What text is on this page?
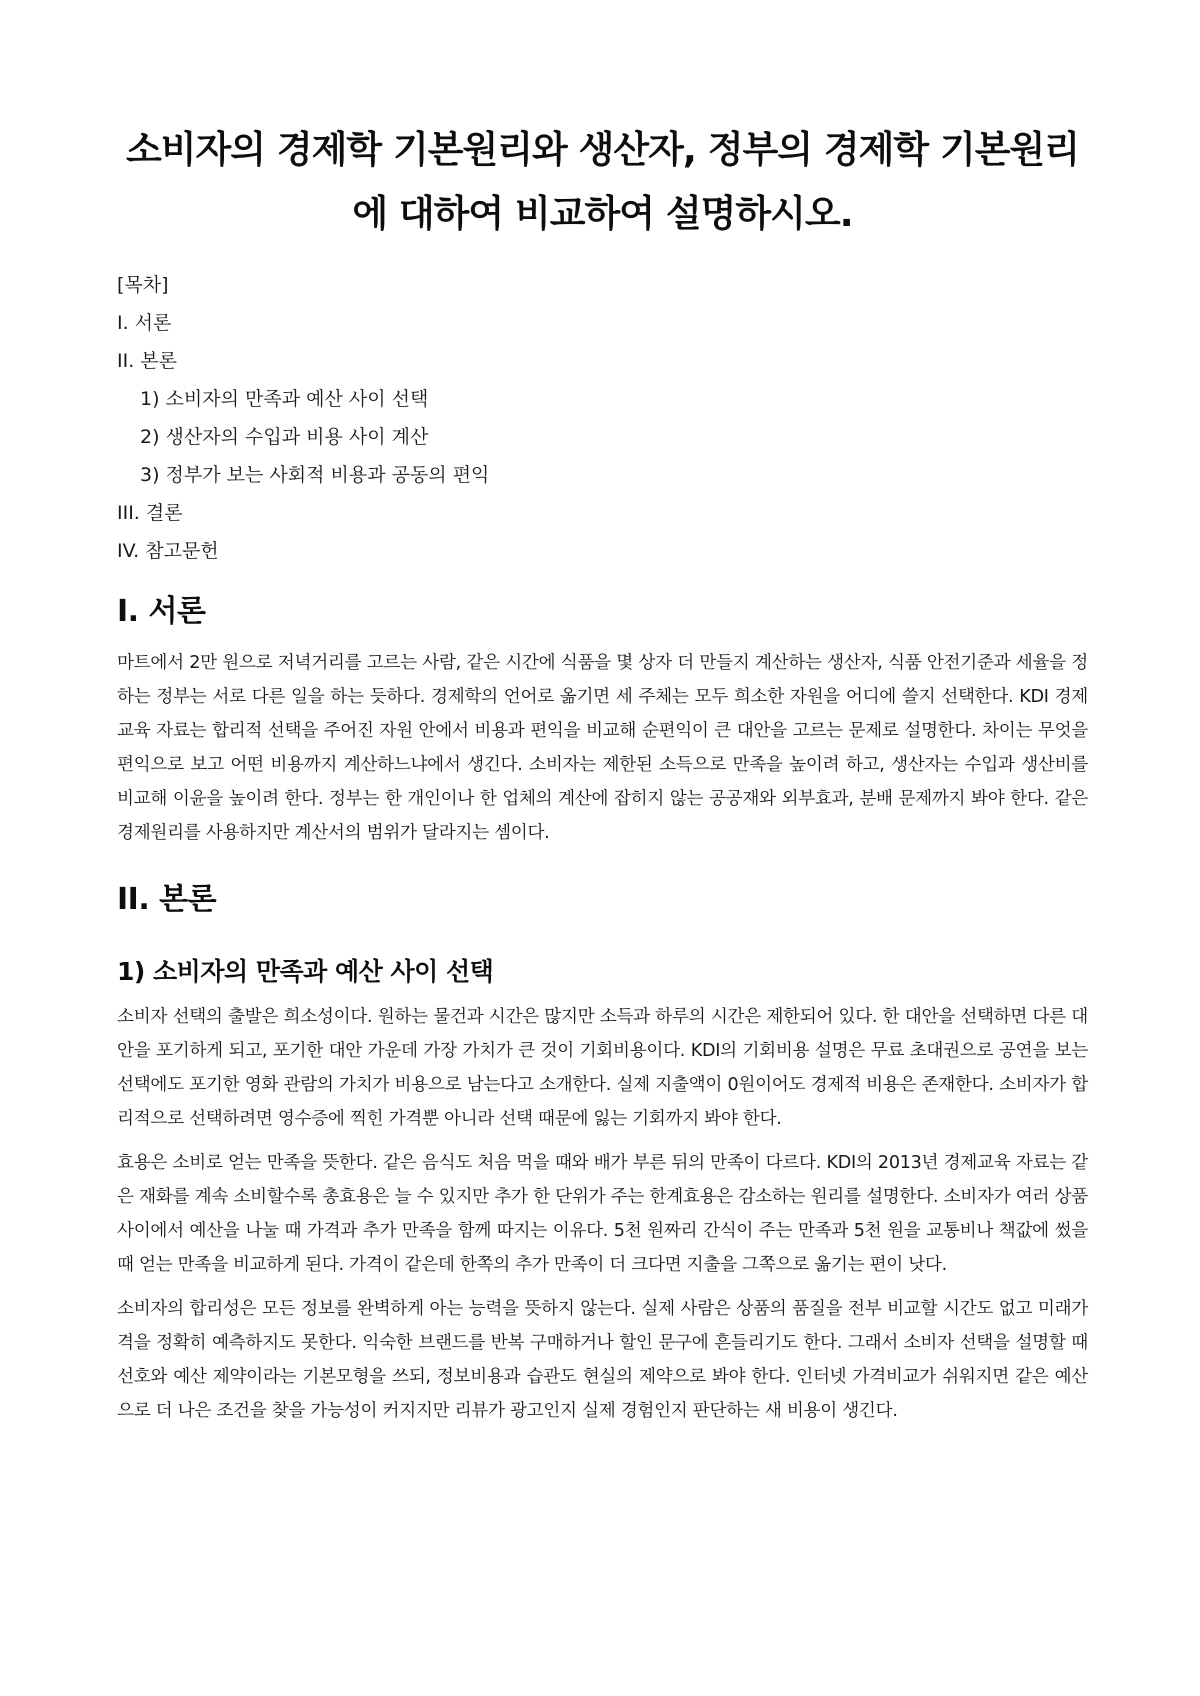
소비자의 경제학 기본원리와 생산자, 정부의 경제학 기본원리
에 대하여 비교하여 설명하시오.
[목차]
I. 서론
II. 본론
1) 소비자의 만족과 예산 사이 선택
2) 생산자의 수입과 비용 사이 계산
3) 정부가 보는 사회적 비용과 공동의 편익
III. 결론
IV. 참고문헌
I. 서론

마트에서 2만 원으로 저녁거리를 고르는 사람, 같은 시간에 식품을 몇 상자 더 만들지 계산하는 생산자, 식품 안전기준과 세율을 정하는 정부는 서로 다른 일을 하는 듯하다. 경제학의 언어로 옮기면 세 주체는 모두 희소한 자원을 어디에 쓸지 선택한다. KDI 경제교육 자료는 합리적 선택을 주어진 자원 안에서 비용과 편익을 비교해 순편익이 큰 대안을 고르는 문제로 설명한다. 차이는 무엇을 편익으로 보고 어떤 비용까지 계산하느냐에서 생긴다. 소비자는 제한된 소득으로 만족을 높이려 하고, 생산자는 수입과 생산비를 비교해 이윤을 높이려 한다. 정부는 한 개인이나 한 업체의 계산에 잡히지 않는 공공재와 외부효과, 분배 문제까지 봐야 한다. 같은 경제원리를 사용하지만 계산서의 범위가 달라지는 셈이다.

II. 본론
1) 소비자의 만족과 예산 사이 선택

소비자 선택의 출발은 희소성이다. 원하는 물건과 시간은 많지만 소득과 하루의 시간은 제한되어 있다. 한 대안을 선택하면 다른 대안을 포기하게 되고, 포기한 대안 가운데 가장 가치가 큰 것이 기회비용이다. KDI의 기회비용 설명은 무료 초대권으로 공연을 보는 선택에도 포기한 영화 관람의 가치가 비용으로 남는다고 소개한다. 실제 지출액이 0원이어도 경제적 비용은 존재한다. 소비자가 합리적으로 선택하려면 영수증에 찍힌 가격뿐 아니라 선택 때문에 잃는 기회까지 봐야 한다.

효용은 소비로 얻는 만족을 뜻한다. 같은 음식도 처음 먹을 때와 배가 부른 뒤의 만족이 다르다. KDI의 2013년 경제교육 자료는 같은 재화를 계속 소비할수록 총효용은 늘 수 있지만 추가 한 단위가 주는 한계효용은 감소하는 원리를 설명한다. 소비자가 여러 상품 사이에서 예산을 나눌 때 가격과 추가 만족을 함께 따지는 이유다. 5천 원짜리 간식이 주는 만족과 5천 원을 교통비나 책값에 썼을 때 얻는 만족을 비교하게 된다. 가격이 같은데 한쪽의 추가 만족이 더 크다면 지출을 그쪽으로 옮기는 편이 낫다.

소비자의 합리성은 모든 정보를 완벽하게 아는 능력을 뜻하지 않는다. 실제 사람은 상품의 품질을 전부 비교할 시간도 없고 미래가격을 정확히 예측하지도 못한다. 익숙한 브랜드를 반복 구매하거나 할인 문구에 흔들리기도 한다. 그래서 소비자 선택을 설명할 때 선호와 예산 제약이라는 기본모형을 쓰되, 정보비용과 습관도 현실의 제약으로 봐야 한다. 인터넷 가격비교가 쉬워지면 같은 예산으로 더 나은 조건을 찾을 가능성이 커지지만 리뷰가 광고인지 실제 경험인지 판단하는 새 비용이 생긴다.
